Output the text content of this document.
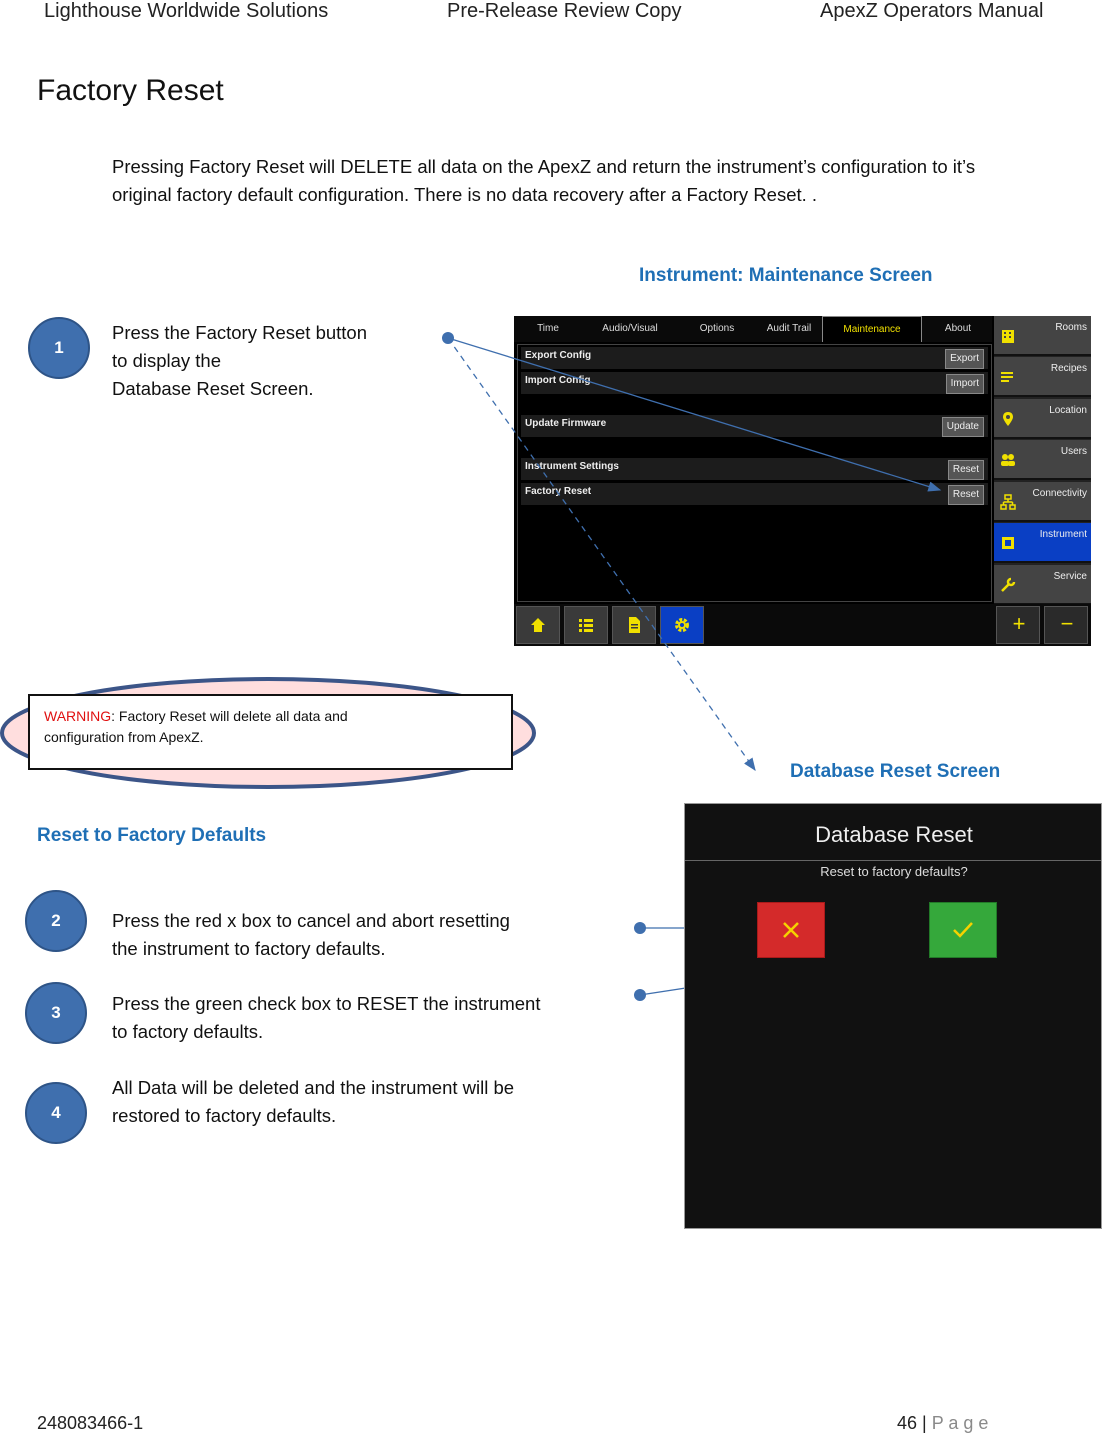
Lighthouse Worldwide Solutions	Pre-Release Review Copy	ApexZ Operators Manual
Factory Reset
Pressing Factory Reset will DELETE all data on the ApexZ and return the instrument’s configuration to it’s
original factory default configuration. There is no data recovery after a Factory Reset. .
Instrument: Maintenance Screen
1
Press the Factory Reset button
to display the
Database Reset Screen.
Time	Audio/Visual	Options	Audit Trail	Maintenance	About
Export Config	Export
Import Config	Import
Update Firmware	Update
Instrument Settings	Reset
Factory Reset	Reset
Rooms
Recipes
Location
Users
Connectivity
Instrument
Service
+	−
WARNING: Factory Reset will delete all data and
configuration from ApexZ.
Database Reset Screen
Reset to Factory Defaults
2	Press the red x box to cancel and abort resetting
the instrument to factory defaults.
3	Press the green check box to RESET the instrument
to factory defaults.
4
All Data will be deleted and the instrument will be
restored to factory defaults.
Database Reset
Reset to factory defaults?
248083466-1	46 | P a g e
